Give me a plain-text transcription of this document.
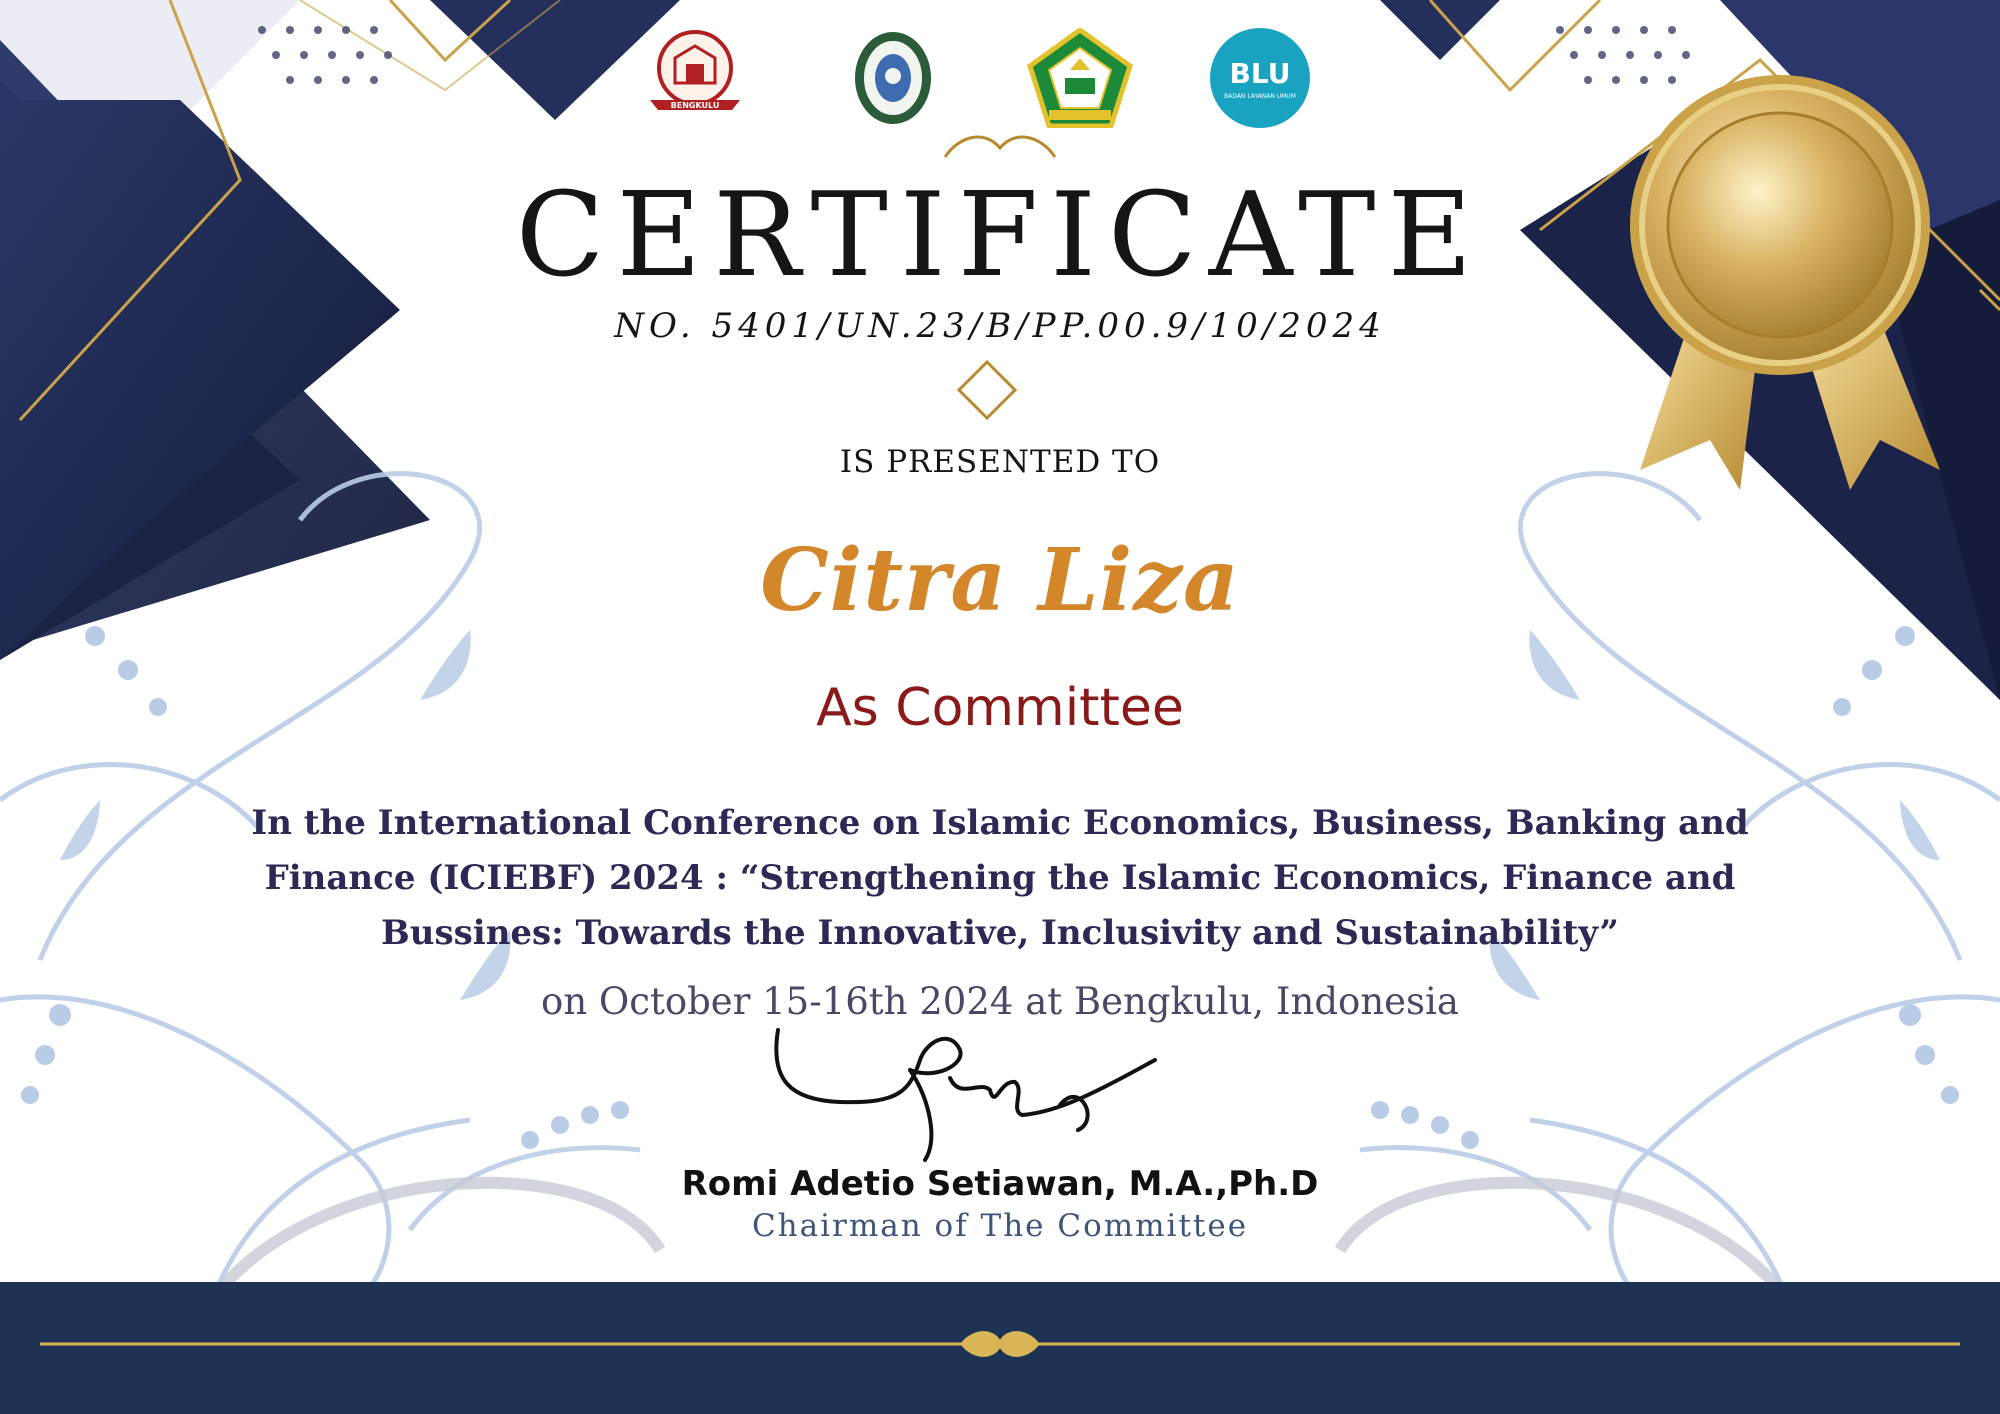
BENGKULU
BLU
BADAN LAYANAN UMUM
CERTIFICATE
NO. 5401/UN.23/B/PP.00.9/10/2024
IS PRESENTED TO
Citra Liza
As Committee
In the International Conference on Islamic Economics, Business, Banking and Finance (ICIEBF) 2024 : “Strengthening the Islamic Economics, Finance and Bussines: Towards the Innovative, Inclusivity and Sustainability”
on October 15-16th 2024 at Bengkulu, Indonesia
Romi Adetio Setiawan, M.A.,Ph.D
Chairman of The Committee
